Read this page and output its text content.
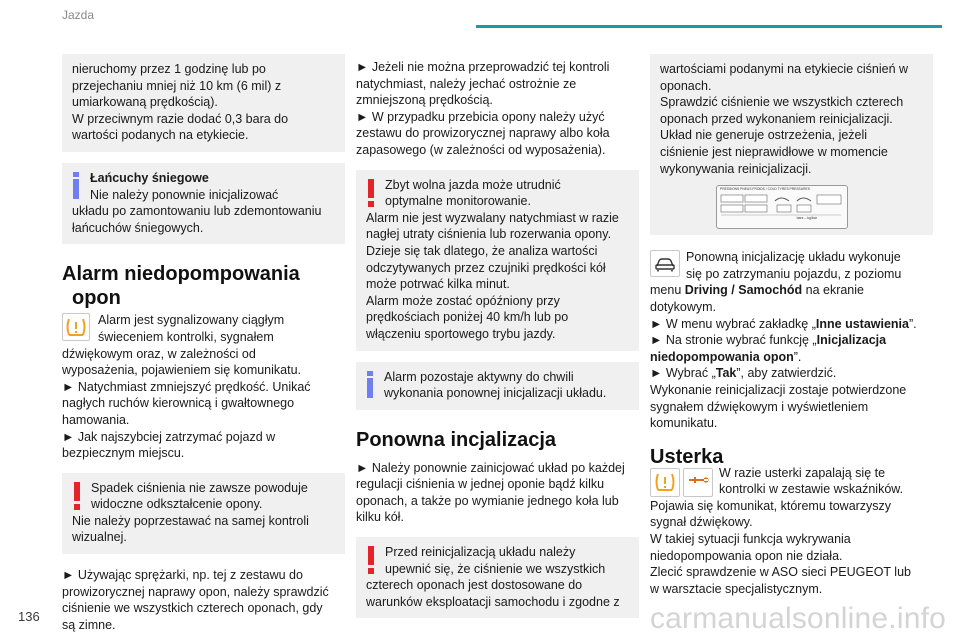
Jazda
nieruchomy przez 1 godzinę lub po
przejechaniu mniej niż 10 km (6 mil) z
umiarkowaną prędkością).
W przeciwnym razie dodać 0,3 bara do
wartości podanych na etykiecie.
Łańcuchy śniegowe
Nie należy ponownie inicjalizować
układu po zamontowaniu lub zdemontowaniu
łańcuchów śniegowych.
Alarm niedopompowania
opon
Alarm jest sygnalizowany ciągłym
świeceniem kontrolki, sygnałem
dźwiękowym oraz, w zależności od
wyposażenia, pojawieniem się komunikatu.
► Natychmiast zmniejszyć prędkość. Unikać
nagłych ruchów kierownicą i gwałtownego
hamowania.
► Jak najszybciej zatrzymać pojazd w
bezpiecznym miejscu.
Spadek ciśnienia nie zawsze powoduje
widoczne odkształcenie opony.
Nie należy poprzestawać na samej kontroli
wizualnej.
► Używając sprężarki, np. tej z zestawu do
prowizorycznej naprawy opon, należy sprawdzić
ciśnienie we wszystkich czterech oponach, gdy
są zimne.
► Jeżeli nie można przeprowadzić tej kontroli
natychmiast, należy jechać ostrożnie ze
zmniejszoną prędkością.
► W przypadku przebicia opony należy użyć
zestawu do prowizorycznej naprawy albo koła
zapasowego (w zależności od wyposażenia).
Zbyt wolna jazda może utrudnić
optymalne monitorowanie.
Alarm nie jest wyzwalany natychmiast w razie
nagłej utraty ciśnienia lub rozerwania opony.
Dzieje się tak dlatego, że analiza wartości
odczytywanych przez czujniki prędkości kół
może potrwać kilka minut.
Alarm może zostać opóźniony przy
prędkościach poniżej 40 km/h lub po
włączeniu sportowego trybu jazdy.
Alarm pozostaje aktywny do chwili
wykonania ponownej inicjalizacji układu.
Ponowna incjalizacja
► Należy ponownie zainicjować układ po każdej
regulacji ciśnienia w jednej oponie bądź kilku
oponach, a także po wymianie jednego koła lub
kilku kół.
Przed reinicjalizacją układu należy
upewnić się, że ciśnienie we wszystkich
czterech oponach jest dostosowane do
warunków eksploatacji samochodu i zgodne z
wartościami podanymi na etykiecie ciśnień w
oponach.
Sprawdzić ciśnienie we wszystkich czterech
oponach przed wykonaniem reinicjalizacji.
Układ nie generuje ostrzeżenia, jeżeli
ciśnienie jest nieprawidłowe w momencie
wykonywania reinicjalizacji.
PRESSIONS PNEUS FROIDS / COLD TYRES PRESSURES
bars – kg/bar
Ponowną inicjalizację układu wykonuje
się po zatrzymaniu pojazdu, z poziomu
menu Driving / Samochód na ekranie
dotykowym.
► W menu wybrać zakładkę „Inne ustawienia”.
► Na stronie wybrać funkcję „Inicjalizacja
niedopompowania opon”.
► Wybrać „Tak”, aby zatwierdzić.
Wykonanie reinicjalizacji zostaje potwierdzone
sygnałem dźwiękowym i wyświetleniem
komunikatu.
Usterka
W razie usterki zapalają się te
kontrolki w zestawie wskaźników.
Pojawia się komunikat, któremu towarzyszy
sygnał dźwiękowy.
W takiej sytuacji funkcja wykrywania
niedopompowania opon nie działa.
Zlecić sprawdzenie w ASO sieci PEUGEOT lub
w warsztacie specjalistycznym.
136	carmanualsonline.info
